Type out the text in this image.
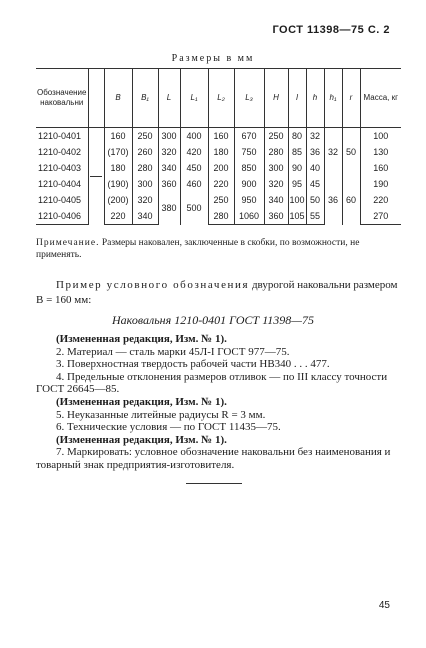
ГОСТ 11398—75 С. 2
Размеры в мм
Обозначение наковальни		B	B₁	L	L₁	L₂	L₃	H	l	h	h₁	r	Масса, кг
1210-0401		160	250	300	400	160	670	250	80	32	32	50	100
1210-0402		(170)	260	320	420	180	750	280	85	36			130
1210-0403		180	280	340	450	200	850	300	90	40			160
1210-0404		(190)	300	360	460	220	900	320	95	45	36	60	190
1210-0405		(200)	320	380	500	250	950	340	100	50			220
1210-0406		220	340			280	1060	360	105	55			270
Примечание. Размеры наковален, заключенные в скобки, по возможности, не применять.
Пример условного обозначения двурогой наковальни размером B = 160 мм:
Наковальня 1210-0401 ГОСТ 11398—75

(Измененная редакция, Изм. № 1).

2. Материал — сталь марки 45Л-I ГОСТ 977—75.

3. Поверхностная твердость рабочей части HB340 . . . 477.

4. Предельные отклонения размеров отливок — по III классу точности ГОСТ 26645—85.

(Измененная редакция, Изм. № 1).

5. Неуказанные литейные радиусы R = 3 мм.

6. Технические условия — по ГОСТ 11435—75.

(Измененная редакция, Изм. № 1).

7. Маркировать: условное обозначение наковальни без наименования и товарный знак предприятия-изготовителя.

45
